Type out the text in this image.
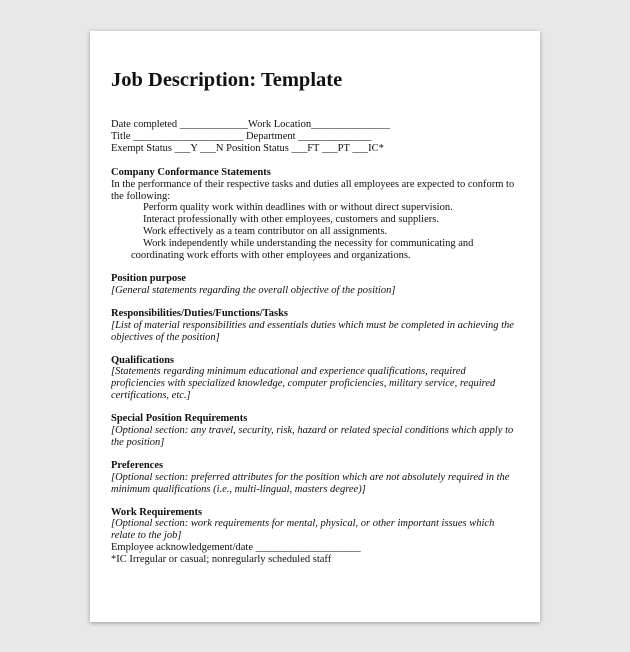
Job Description: Template
Date completed _____________Work Location_______________
Title _____________________ Department ______________
Exempt Status ___Y ___N Position Status ___FT ___PT ___IC*
Company Conformance Statements
In the performance of their respective tasks and duties all employees are expected to conform to
the following:
Perform quality work within deadlines with or without direct supervision.
Interact professionally with other employees, customers and suppliers.
Work effectively as a team contributor on all assignments.
Work independently while understanding the necessity for communicating and
coordinating work efforts with other employees and organizations.
Position purpose
[General statements regarding the overall objective of the position]
Responsibilities/Duties/Functions/Tasks
[List of material responsibilities and essentials duties which must be completed in achieving the
objectives of the position]
Qualifications
[Statements regarding minimum educational and experience qualifications, required
proficiencies with specialized knowledge, computer proficiencies, military service, required
certifications, etc.]
Special Position Requirements
[Optional section: any travel, security, risk, hazard or related special conditions which apply to
the position]
Preferences
[Optional section: preferred attributes for the position which are not absolutely required in the
minimum qualifications (i.e., multi-lingual, masters degree)]
Work Requirements
[Optional section: work requirements for mental, physical, or other important issues which
relate to the job]
Employee acknowledgement/date ____________________
*IC Irregular or casual; nonregularly scheduled staff
